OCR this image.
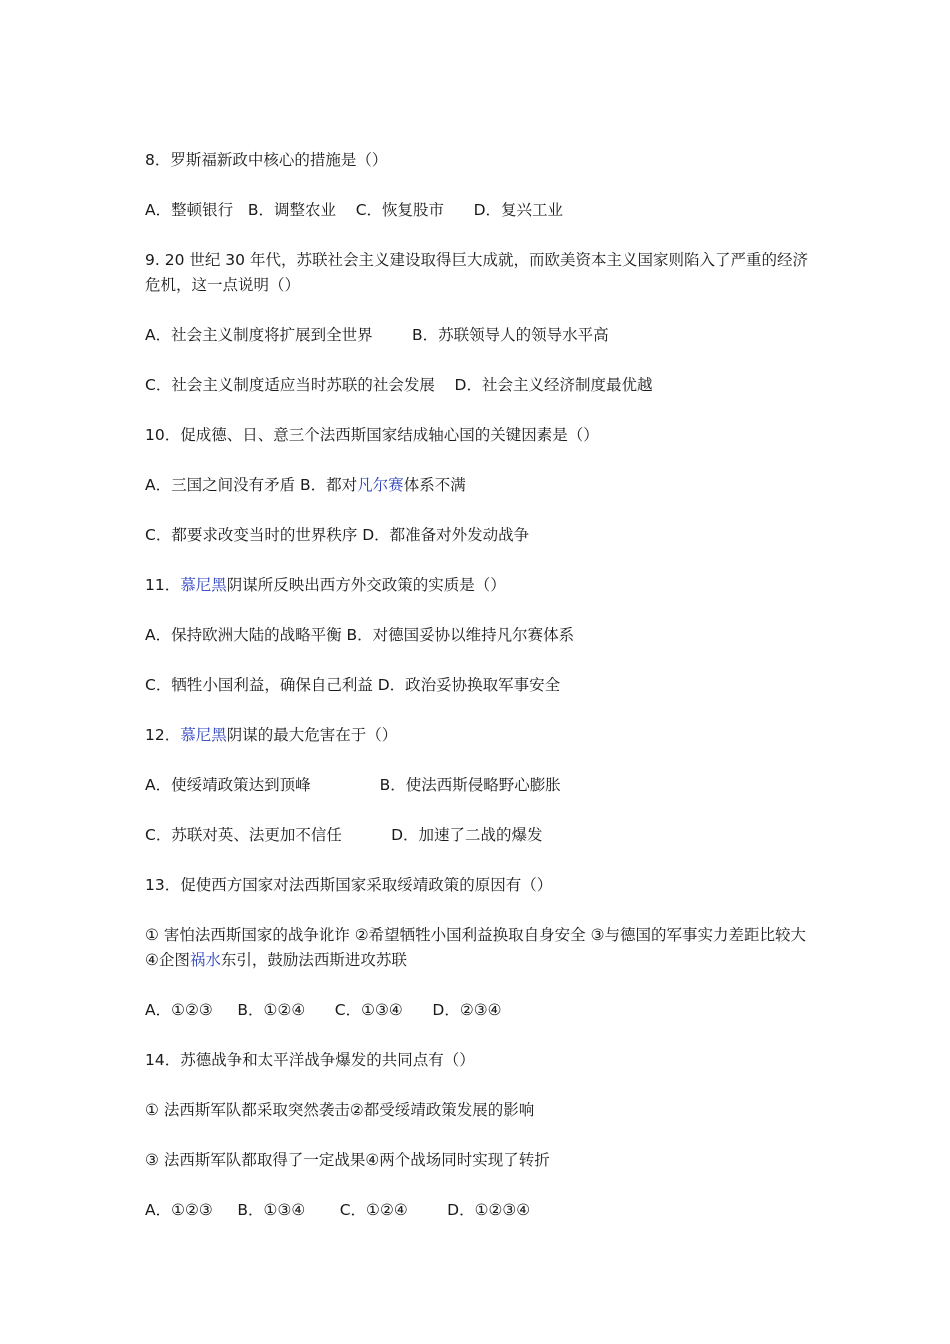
8．罗斯福新政中核心的措施是（）

A．整顿银行   B．调整农业    C．恢复股市      D．复兴工业

9. 20 世纪 30 年代，苏联社会主义建设取得巨大成就，而欧美资本主义国家则陷入了严重的经济危机，这一点说明（）

A．社会主义制度将扩展到全世界        B．苏联领导人的领导水平高

C．社会主义制度适应当时苏联的社会发展    D．社会主义经济制度最优越

10．促成德、日、意三个法西斯国家结成轴心国的关键因素是（）

A．三国之间没有矛盾 B．都对凡尔赛体系不满

C．都要求改变当时的世界秩序 D．都准备对外发动战争

11．慕尼黑阴谋所反映出西方外交政策的实质是（）

A．保持欧洲大陆的战略平衡 B．对德国妥协以维持凡尔赛体系

C．牺牲小国利益，确保自己利益 D．政治妥协换取军事安全

12．慕尼黑阴谋的最大危害在于（）

A．使绥靖政策达到顶峰              B．使法西斯侵略野心膨胀

C．苏联对英、法更加不信任          D．加速了二战的爆发

13．促使西方国家对法西斯国家采取绥靖政策的原因有（）

① 害怕法西斯国家的战争讹诈 ②希望牺牲小国利益换取自身安全 ③与德国的军事实力差距比较大 ④企图祸水东引，鼓励法西斯进攻苏联

A．①②③     B．①②④      C．①③④      D．②③④

14．苏德战争和太平洋战争爆发的共同点有（）

① 法西斯军队都采取突然袭击②都受绥靖政策发展的影响

③ 法西斯军队都取得了一定战果④两个战场同时实现了转折

A．①②③     B．①③④       C．①②④        D．①②③④
